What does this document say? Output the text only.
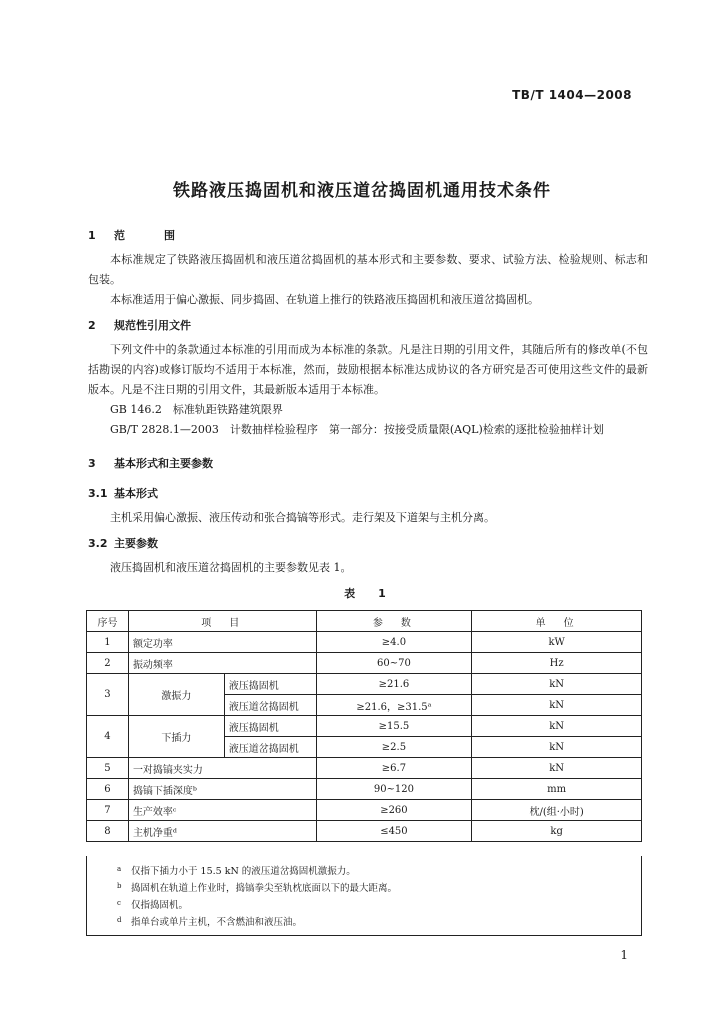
TB/T 1404—2008
铁路液压捣固机和液压道岔捣固机通用技术条件
1 范　围

本标准规定了铁路液压捣固机和液压道岔捣固机的基本形式和主要参数、要求、试验方法、检验规则、标志和包装。

本标准适用于偏心激振、同步捣固、在轨道上推行的铁路液压捣固机和液压道岔捣固机。

2 规范性引用文件

下列文件中的条款通过本标准的引用而成为本标准的条款。凡是注日期的引用文件，其随后所有的修改单(不包括勘误的内容)或修订版均不适用于本标准，然而，鼓励根据本标准达成协议的各方研究是否可使用这些文件的最新版本。凡是不注日期的引用文件，其最新版本适用于本标准。

GB 146.2　标准轨距铁路建筑限界

GB/T 2828.1—2003　计数抽样检验程序　第一部分：按接受质量限(AQL)检索的逐批检验抽样计划

3 基本形式和主要参数
3.1 基本形式

主机采用偏心激振、液压传动和张合捣镐等形式。走行架及下道架与主机分离。

3.2 主要参数

液压捣固机和液压道岔捣固机的主要参数见表 1。

表　1
序号	项　目		参　数	单　位
1	额定功率		≥4.0	kW
2	振动频率		60~70	Hz
3	激振力	液压捣固机	≥21.6	kN
		液压道岔捣固机	≥21.6，≥31.5ᵃ	kN
4	下插力	液压捣固机	≥15.5	kN
		液压道岔捣固机	≥2.5	kN
5	一对捣镐夹实力		≥6.7	kN
6	捣镐下插深度ᵇ		90~120	mm
7	生产效率ᶜ		≥260	枕/(组·小时)
8	主机净重ᵈ		≤450	kg
$^a$ 仅指下插力小于 15.5 kN 的液压道岔捣固机激振力。
$^b$ 捣固机在轨道上作业时，捣镐拳尖至轨枕底面以下的最大距离。
$^c$ 仅指捣固机。
$^d$ 指单台或单片主机，不含燃油和液压油。
1
